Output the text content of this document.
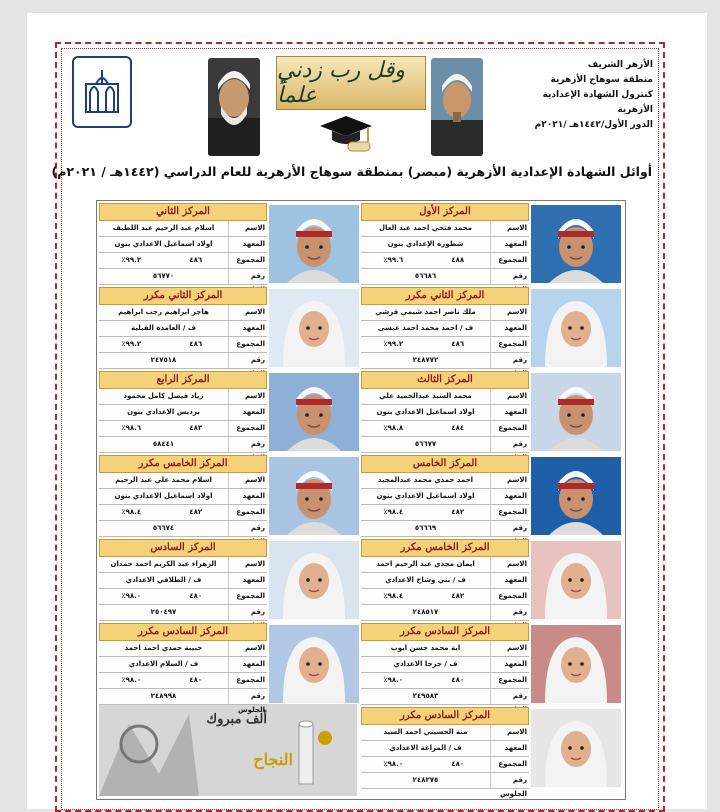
وقل رب زدني علماً
الأزهر الشريف
منطقة سوهاج الأزهرية
كنترول الشهادة الإعدادية الأزهرية
الدور الأول/١٤٤٢هـ /٢٠٢١م
أوائل الشهادة الإعدادية الأزهرية (مبصر) بمنطقة سوهاج الأزهرية للعام الدراسي (١٤٤٢هـ / ٢٠٢١م)
ألف مبروك
النجاح
المركز الأول
الاسم
محمد فتحي احمد عبد العال
المعهد
شطوره الإعدادي بنون
المجموع
٤٨٨
٩٩.٦٪
رقم
٥٦٦٨٦
المركز الثاني
الاسم
اسلام عبد الرحيم عبد اللطيف
المعهد
اولاد اسماعيل الاعدادي بنون
المجموع
٤٨٦
٩٩.٢٪
رقم
٥٦٧٧٠
المركز الثاني مكرر
الاسم
ملك ناصر احمد شيمي قرشي
المعهد
ف / احمد محمد احمد عيسى
المجموع
٤٨٦
٩٩.٢٪
رقم
٢٤٨٧٧٢
المركز الثاني مكرر
الاسم
هاجر ابراهيم رجب ابراهيم
المعهد
ف / العامدة القبلية
المجموع
٤٨٦
٩٩.٢٪
رقم
٢٤٧٥١٨
المركز الثالث
الاسم
محمد السيد عبدالحميد علي
المعهد
اولاد اسماعيل الاعدادي بنون
المجموع
٤٨٤
٩٨.٨٪
رقم
٥٦٦٧٧
المركز الرابع
الاسم
زياد فيصل كامل محمود
المعهد
برديس الاعدادي بنون
المجموع
٤٨٣
٩٨.٦٪
رقم
٥٨٤٤١
المركز الخامس
الاسم
احمد حمدي محمد عبدالمجيد
المعهد
اولاد اسماعيل الاعدادي بنون
المجموع
٤٨٢
٩٨.٤٪
رقم
٥٦٦٦٩
المركز الخامس مكرر
الاسم
اسلام محمد علي عبد الرحيم
المعهد
اولاد اسماعيل الاعدادي بنون
المجموع
٤٨٢
٩٨.٤٪
رقم
٥٦٦٧٤
المركز الخامس مكرر
الاسم
ايمان مجدي عبد الرحيم احمد
المعهد
ف / بني وشاح الاعدادي
المجموع
٤٨٢
٩٨.٤٪
رقم
٢٤٨٥١٧
المركز السادس
الاسم
الزهراء عبد الكريم احمد حمدان
المعهد
ف / الطلاقي الاعدادي
المجموع
٤٨٠
٩٨.٠٪
رقم
٢٥٠٤٩٧
المركز السادس مكرر
الاسم
اية محمد حسن ايوب
المعهد
ف / جرجا الاعدادي
المجموع
٤٨٠
٩٨.٠٪
رقم
٢٤٩٥٨٣
المركز السادس مكرر
الاسم
حبيبة حمدي احمد احمد
المعهد
ف / السلام الاعدادي
المجموع
٤٨٠
٩٨.٠٪
رقم الجلوس
٢٤٨٩٩٨
المركز السادس مكرر
الاسم
منة الحسيني احمد السيد
المعهد
ف / المراغة الاعدادي
المجموع
٤٨٠
٩٨.٠٪
رقم الجلوس
٢٤٨٢٧٥
